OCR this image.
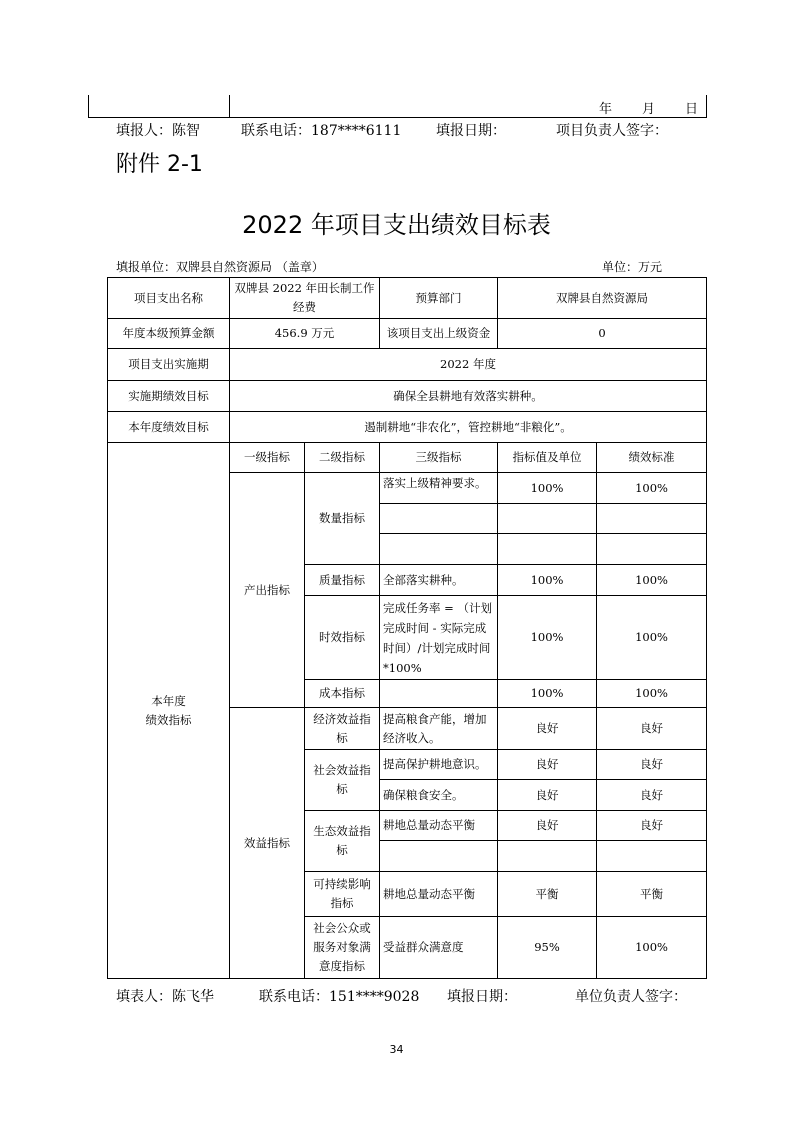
年 月 日
填报人：陈智	联系电话：187****6111 填报日期：	项目负责人签字：
附件 2-1
2022 年项目支出绩效目标表
填报单位：双牌县自然资源局 （盖章）	单位：万元
项目支出名称	双牌县 2022 年田长制工作经费		预算部门	双牌县自然资源局	
年度本级预算金额	456.9 万元		该项目支出上级资金	0	
项目支出实施期	2022 年度				
实施期绩效目标	确保全县耕地有效落实耕种。				
本年度绩效目标	遏制耕地“非农化”，管控耕地“非粮化”。				
本年度
绩效指标	一级指标	二级指标	三级指标	指标值及单位	绩效标准
	产出指标	数量指标	落实上级精神要求。	100%	100%

		质量指标	全部落实耕种。	100%	100%
		时效指标	完成任务率 = （计划完成时间 - 实际完成时间）/计划完成时间*100%	100%	100%
		成本指标		100%	100%
	效益指标	经济效益指标	提高粮食产能，增加经济收入。	良好	良好
		社会效益指标	提高保护耕地意识。	良好	良好
			确保粮食安全。	良好	良好
		生态效益指标	耕地总量动态平衡	良好	良好

		可持续影响指标	耕地总量动态平衡	平衡	平衡
		社会公众或服务对象满意度指标	受益群众满意度	95%	100%
填表人：陈飞华	联系电话：151****9028 填报日期：	单位负责人签字：
34
